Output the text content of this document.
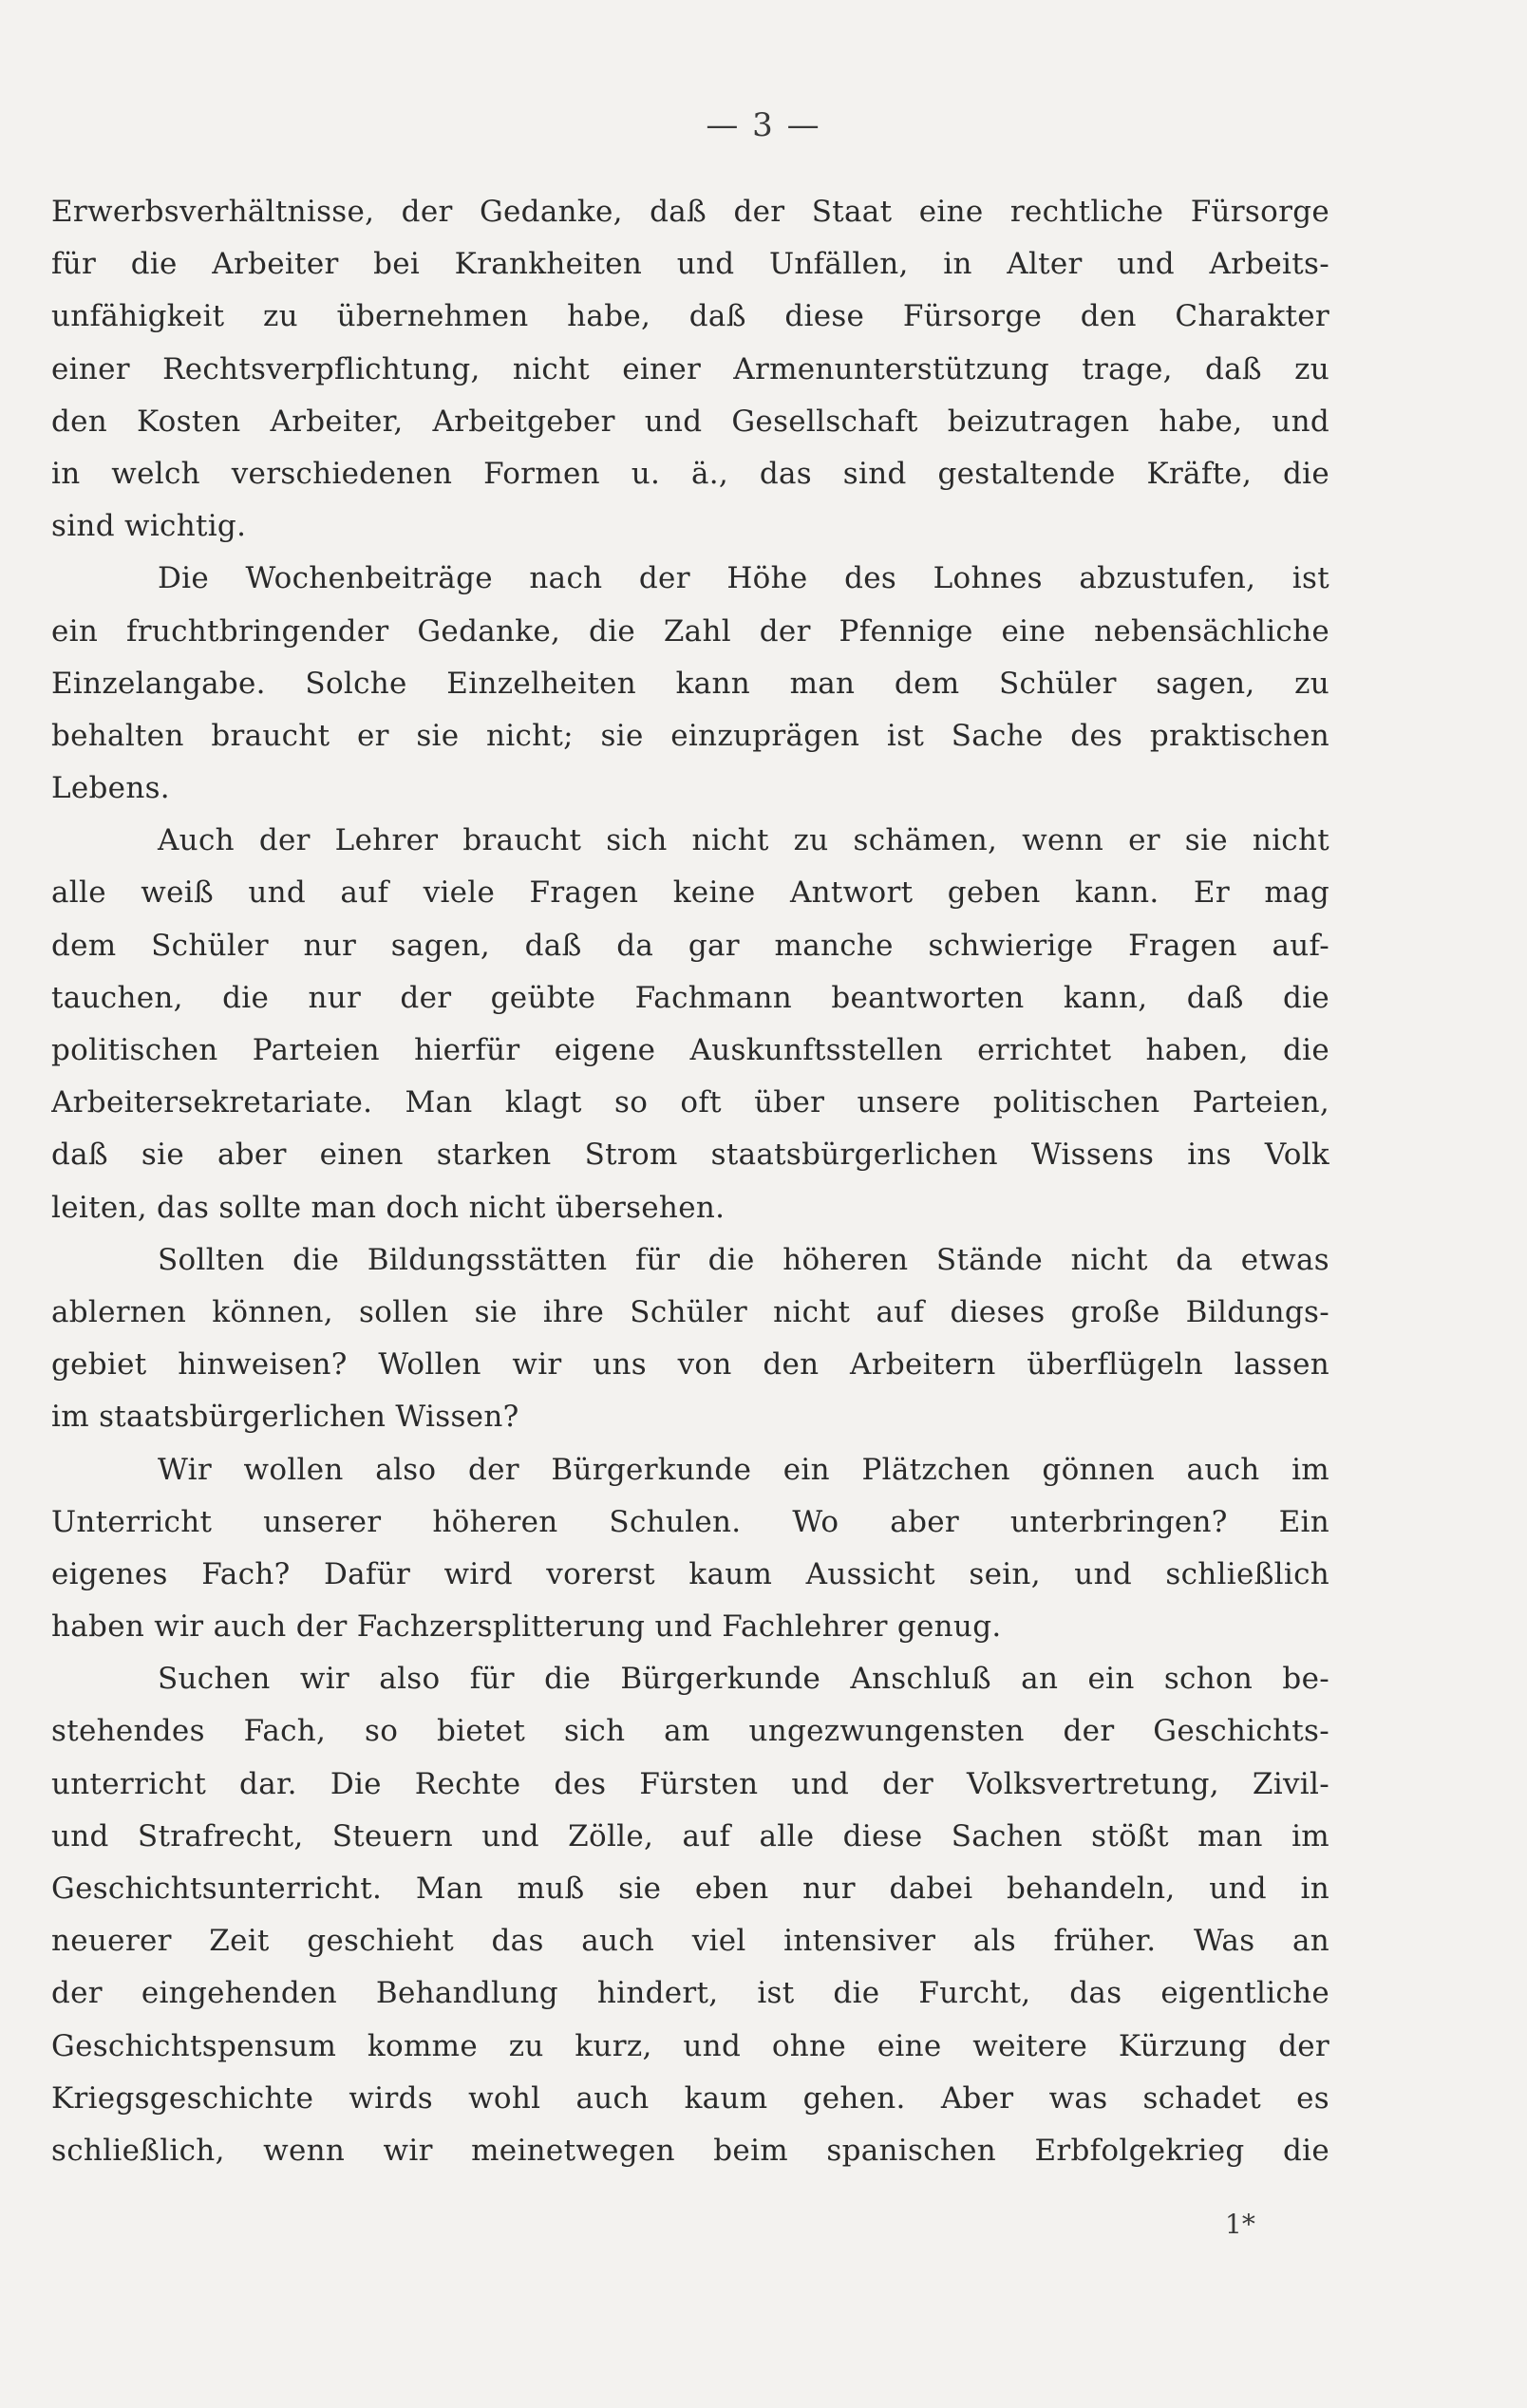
— 3 —
Erwerbsverhältnisse, der Gedanke, daß der Staat eine rechtliche Fürsorge
für die Arbeiter bei Krankheiten und Unfällen, in Alter und Arbeits-
unfähigkeit zu übernehmen habe, daß diese Fürsorge den Charakter
einer Rechtsverpflichtung, nicht einer Armenunterstützung trage, daß zu
den Kosten Arbeiter, Arbeitgeber und Gesellschaft beizutragen habe, und
in welch verschiedenen Formen u. ä., das sind gestaltende Kräfte, die
sind wichtig.
Die Wochenbeiträge nach der Höhe des Lohnes abzustufen, ist
ein fruchtbringender Gedanke, die Zahl der Pfennige eine nebensächliche
Einzelangabe. Solche Einzelheiten kann man dem Schüler sagen, zu
behalten braucht er sie nicht; sie einzuprägen ist Sache des praktischen
Lebens.
Auch der Lehrer braucht sich nicht zu schämen, wenn er sie nicht
alle weiß und auf viele Fragen keine Antwort geben kann. Er mag
dem Schüler nur sagen, daß da gar manche schwierige Fragen auf-
tauchen, die nur der geübte Fachmann beantworten kann, daß die
politischen Parteien hierfür eigene Auskunftsstellen errichtet haben, die
Arbeitersekretariate. Man klagt so oft über unsere politischen Parteien,
daß sie aber einen starken Strom staatsbürgerlichen Wissens ins Volk
leiten, das sollte man doch nicht übersehen.
Sollten die Bildungsstätten für die höheren Stände nicht da etwas
ablernen können, sollen sie ihre Schüler nicht auf dieses große Bildungs-
gebiet hinweisen? Wollen wir uns von den Arbeitern überflügeln lassen
im staatsbürgerlichen Wissen?
Wir wollen also der Bürgerkunde ein Plätzchen gönnen auch im
Unterricht unserer höheren Schulen. Wo aber unterbringen? Ein
eigenes Fach? Dafür wird vorerst kaum Aussicht sein, und schließlich
haben wir auch der Fachzersplitterung und Fachlehrer genug.
Suchen wir also für die Bürgerkunde Anschluß an ein schon be-
stehendes Fach, so bietet sich am ungezwungensten der Geschichts-
unterricht dar. Die Rechte des Fürsten und der Volksvertretung, Zivil-
und Strafrecht, Steuern und Zölle, auf alle diese Sachen stößt man im
Geschichtsunterricht. Man muß sie eben nur dabei behandeln, und in
neuerer Zeit geschieht das auch viel intensiver als früher. Was an
der eingehenden Behandlung hindert, ist die Furcht, das eigentliche
Geschichtspensum komme zu kurz, und ohne eine weitere Kürzung der
Kriegsgeschichte wirds wohl auch kaum gehen. Aber was schadet es
schließlich, wenn wir meinetwegen beim spanischen Erbfolgekrieg die
1*
